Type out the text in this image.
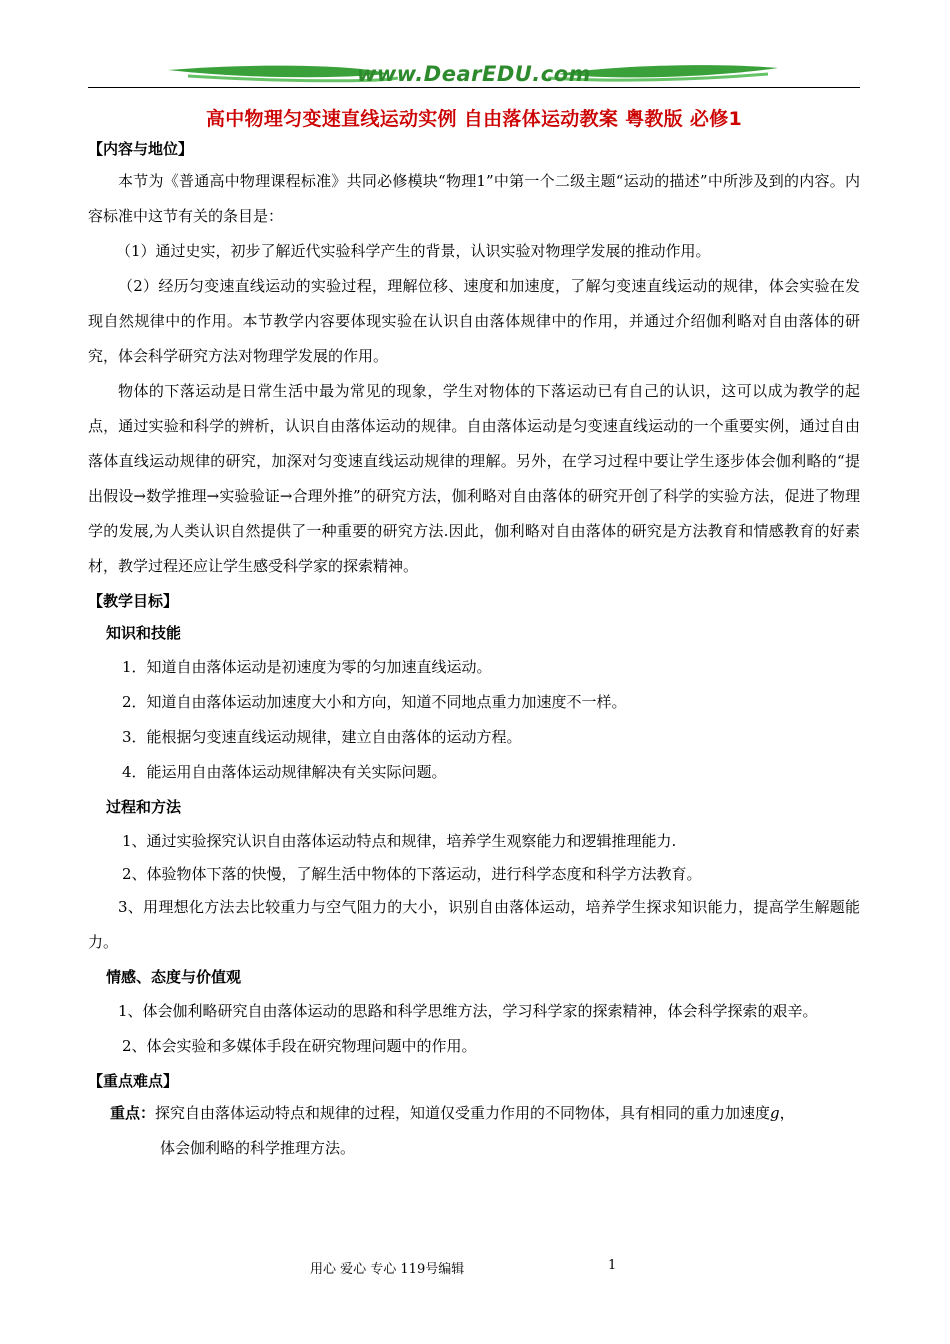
www.DearEDU.com
高中物理匀变速直线运动实例 自由落体运动教案 粤教版 必修1
【内容与地位】

本节为《普通高中物理课程标准》共同必修模块“物理1”中第一个二级主题“运动的描述”中所涉及到的内容。内容标准中这节有关的条目是：

（1）通过史实，初步了解近代实验科学产生的背景，认识实验对物理学发展的推动作用。

（2）经历匀变速直线运动的实验过程，理解位移、速度和加速度，了解匀变速直线运动的规律，体会实验在发现自然规律中的作用。本节教学内容要体现实验在认识自由落体规律中的作用，并通过介绍伽利略对自由落体的研究，体会科学研究方法对物理学发展的作用。

物体的下落运动是日常生活中最为常见的现象，学生对物体的下落运动已有自己的认识，这可以成为教学的起点，通过实验和科学的辨析，认识自由落体运动的规律。自由落体运动是匀变速直线运动的一个重要实例，通过自由落体直线运动规律的研究，加深对匀变速直线运动规律的理解。另外，在学习过程中要让学生逐步体会伽利略的“提出假设→数学推理→实验验证→合理外推”的研究方法，伽利略对自由落体的研究开创了科学的实验方法，促进了物理学的发展,为人类认识自然提供了一种重要的研究方法.因此，伽利略对自由落体的研究是方法教育和情感教育的好素材，教学过程还应让学生感受科学家的探索精神。

【教学目标】
知识和技能

1．知道自由落体运动是初速度为零的匀加速直线运动。

2．知道自由落体运动加速度大小和方向，知道不同地点重力加速度不一样。

3．能根据匀变速直线运动规律，建立自由落体的运动方程。

4．能运用自由落体运动规律解决有关实际问题。

过程和方法

1、通过实验探究认识自由落体运动特点和规律，培养学生观察能力和逻辑推理能力.

2、体验物体下落的快慢，了解生活中物体的下落运动，进行科学态度和科学方法教育。

3、用理想化方法去比较重力与空气阻力的大小，识别自由落体运动，培养学生探求知识能力，提高学生解题能力。

情感、态度与价值观

1、体会伽利略研究自由落体运动的思路和科学思维方法，学习科学家的探索精神，体会科学探索的艰辛。

2、体会实验和多媒体手段在研究物理问题中的作用。

【重点难点】

重点：探究自由落体运动特点和规律的过程，知道仅受重力作用的不同物体，具有相同的重力加速度g，

体会伽利略的科学推理方法。

用心 爱心 专心 119号编辑	1
